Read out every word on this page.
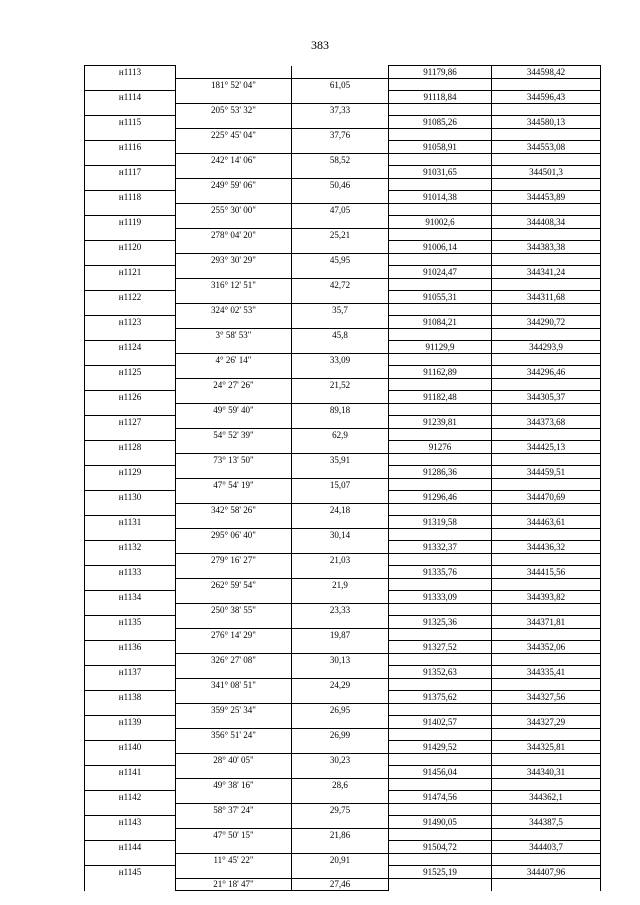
383
н1113			91179,86	344598,42
	181° 52' 04"	61,05		
н1114			91118,84	344596,43
	205° 53' 32"	37,33		
н1115			91085,26	344580,13
	225° 45' 04"	37,76		
н1116			91058,91	344553,08
	242° 14' 06"	58,52		
н1117			91031,65	344501,3
	249° 59' 06"	50,46		
н1118			91014,38	344453,89
	255° 30' 00"	47,05		
н1119			91002,6	344408,34
	278° 04' 20"	25,21		
н1120			91006,14	344383,38
	293° 30' 29"	45,95		
н1121			91024,47	344341,24
	316° 12' 51"	42,72		
н1122			91055,31	344311,68
	324° 02' 53"	35,7		
н1123			91084,21	344290,72
	3° 58' 53"	45,8		
н1124			91129,9	344293,9
	4° 26' 14"	33,09		
н1125			91162,89	344296,46
	24° 27' 26"	21,52		
н1126			91182,48	344305,37
	49° 59' 40"	89,18		
н1127			91239,81	344373,68
	54° 52' 39"	62,9		
н1128			91276	344425,13
	73° 13' 50"	35,91		
н1129			91286,36	344459,51
	47° 54' 19"	15,07		
н1130			91296,46	344470,69
	342° 58' 26"	24,18		
н1131			91319,58	344463,61
	295° 06' 40"	30,14		
н1132			91332,37	344436,32
	279° 16' 27"	21,03		
н1133			91335,76	344415,56
	262° 59' 54"	21,9		
н1134			91333,09	344393,82
	250° 38' 55"	23,33		
н1135			91325,36	344371,81
	276° 14' 29"	19,87		
н1136			91327,52	344352,06
	326° 27' 08"	30,13		
н1137			91352,63	344335,41
	341° 08' 51"	24,29		
н1138			91375,62	344327,56
	359° 25' 34"	26,95		
н1139			91402,57	344327,29
	356° 51' 24"	26,99		
н1140			91429,52	344325,81
	28° 40' 05"	30,23		
н1141			91456,04	344340,31
	49° 38' 16"	28,6		
н1142			91474,56	344362,1
	58° 37' 24"	29,75		
н1143			91490,05	344387,5
	47° 50' 15"	21,86		
н1144			91504,72	344403,7
	11° 45' 22"	20,91		
н1145			91525,19	344407,96
	21° 18' 47"	27,46		
